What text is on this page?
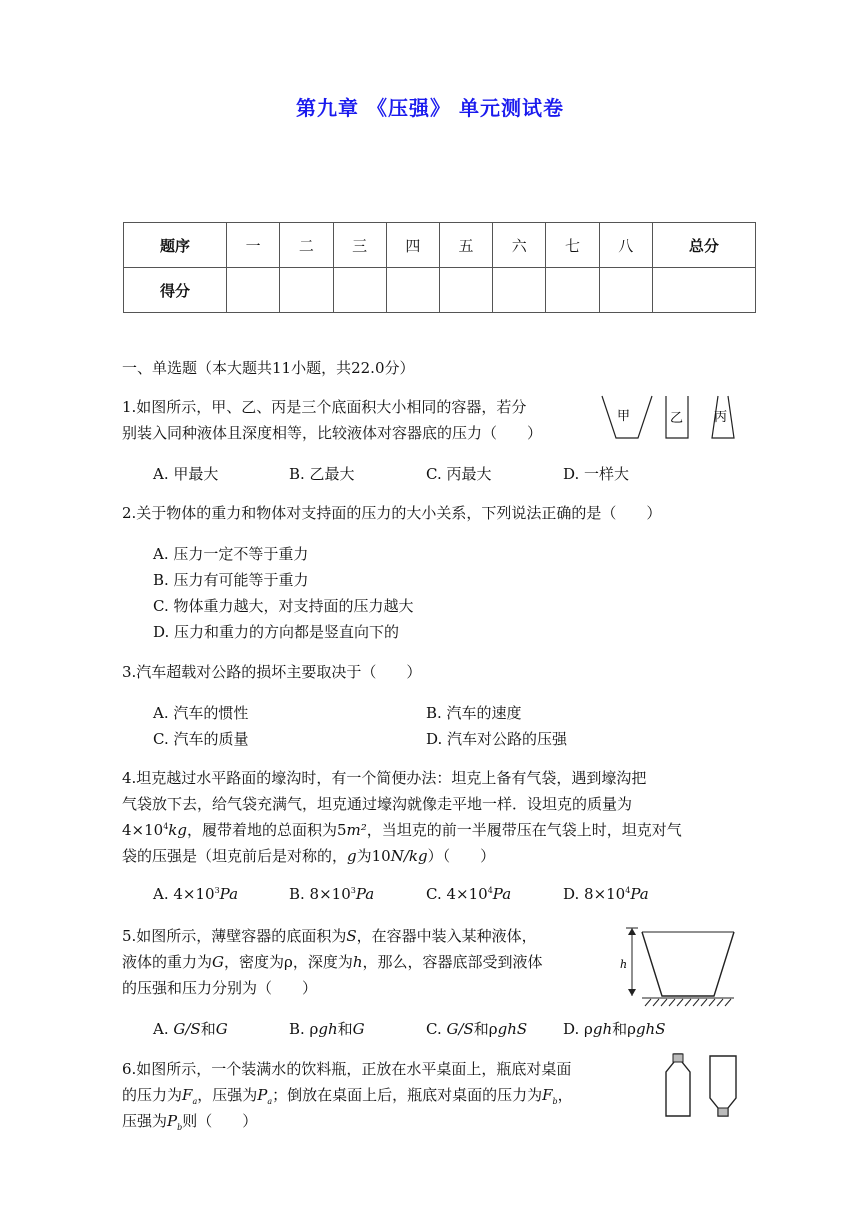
第九章 《压强》 单元测试卷
题序	一	二	三	四	五	六	七	八	总分
得分									
一、单选题（本大题共11小题，共22.0分）
1.如图所示，甲、乙、丙是三个底面积大小相同的容器，若分
别装入同种液体且深度相等，比较液体对容器底的压力（　　）
甲	乙 丙
A. 甲最大	B. 乙最大	C. 丙最大	D. 一样大
2.关于物体的重力和物体对支持面的压力的大小关系，下列说法正确的是（　　）
A. 压力一定不等于重力
B. 压力有可能等于重力
C. 物体重力越大，对支持面的压力越大
D. 压力和重力的方向都是竖直向下的
3.汽车超载对公路的损坏主要取决于（　　）
A. 汽车的惯性	B. 汽车的速度
C. 汽车的质量	D. 汽车对公路的压强
4.坦克越过水平路面的壕沟时，有一个简便办法：坦克上备有气袋，遇到壕沟把
气袋放下去，给气袋充满气，坦克通过壕沟就像走平地一样．设坦克的质量为
$4\times 10^4kg$，履带着地的总面积为5m²，当坦克的前一半履带压在气袋上时，坦克对气
袋的压强是（坦克前后是对称的，g为10N/kg）（　　）
A. $4\times 10^3Pa$	B. $8\times 10^3Pa$	C. $4\times 10^4Pa$	D. $8\times 10^4Pa$
5.如图所示，薄壁容器的底面积为S，在容器中装入某种液体，
液体的重力为G，密度为ρ，深度为h，那么，容器底部受到液体
的压强和压力分别为（　　）
h
A. G/S和G	B. ρgh和G	C. G/S和ρghS D. ρgh和ρghS
6.如图所示，一个装满水的饮料瓶，正放在水平桌面上，瓶底对桌面
的压力为$F_a$，压强为$P_a$；倒放在桌面上后，瓶底对桌面的压力为$F_b$，
压强为$P_b$则（　　）
